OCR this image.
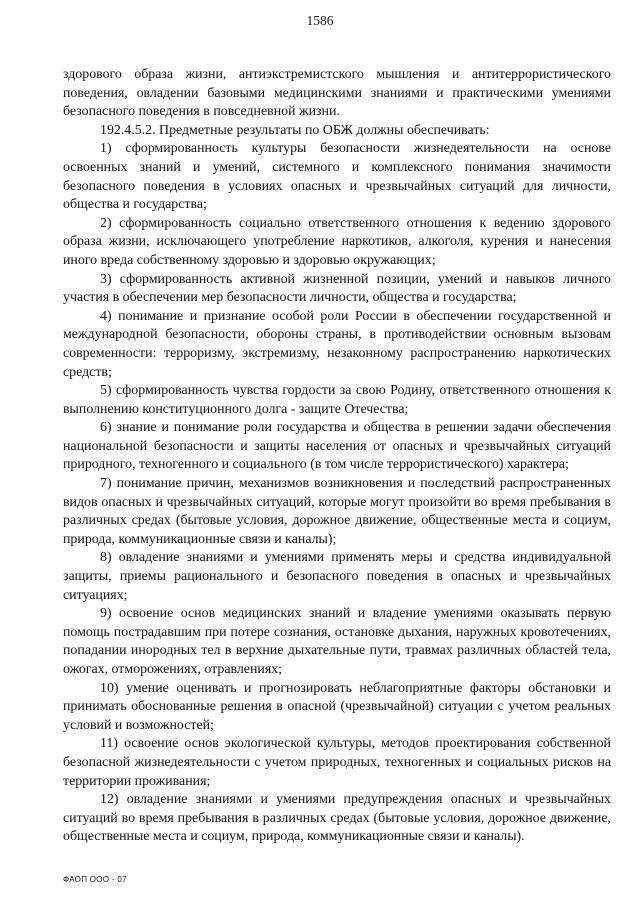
1586

здорового образа жизни, антиэкстремистского мышления и антитеррористического поведения, овладении базовыми медицинскими знаниями и практическими умениями безопасного поведения в повседневной жизни.

192.4.5.2. Предметные результаты по ОБЖ должны обеспечивать:

1) сформированность культуры безопасности жизнедеятельности на основе освоенных знаний и умений, системного и комплексного понимания значимости безопасного поведения в условиях опасных и чрезвычайных ситуаций для личности, общества и государства;

2) сформированность социально ответственного отношения к ведению здорового образа жизни, исключающего употребление наркотиков, алкоголя, курения и нанесения иного вреда собственному здоровью и здоровью окружающих;

3) сформированность активной жизненной позиции, умений и навыков личного участия в обеспечении мер безопасности личности, общества и государства;

4) понимание и признание особой роли России в обеспечении государственной и международной безопасности, обороны страны, в противодействии основным вызовам современности: терроризму, экстремизму, незаконному распространению наркотических средств;

5) сформированность чувства гордости за свою Родину, ответственного отношения к выполнению конституционного долга - защите Отечества;

6) знание и понимание роли государства и общества в решении задачи обеспечения национальной безопасности и защиты населения от опасных и чрезвычайных ситуаций природного, техногенного и социального (в том числе террористического) характера;

7) понимание причин, механизмов возникновения и последствий распространенных видов опасных и чрезвычайных ситуаций, которые могут произойти во время пребывания в различных средах (бытовые условия, дорожное движение, общественные места и социум, природа, коммуникационные связи и каналы);

8) овладение знаниями и умениями применять меры и средства индивидуальной защиты, приемы рационального и безопасного поведения в опасных и чрезвычайных ситуациях;

9) освоение основ медицинских знаний и владение умениями оказывать первую помощь пострадавшим при потере сознания, остановке дыхания, наружных кровотечениях, попадании инородных тел в верхние дыхательные пути, травмах различных областей тела, ожогах, отморожениях, отравлениях;

10) умение оценивать и прогнозировать неблагоприятные факторы обстановки и принимать обоснованные решения в опасной (чрезвычайной) ситуации с учетом реальных условий и возможностей;

11) освоение основ экологической культуры, методов проектирования собственной безопасной жизнедеятельности с учетом природных, техногенных и социальных рисков на территории проживания;

12) овладение знаниями и умениями предупреждения опасных и чрезвычайных ситуаций во время пребывания в различных средах (бытовые условия, дорожное движение, общественные места и социум, природа, коммуникационные связи и каналы).

ФАОП ООО - 07
